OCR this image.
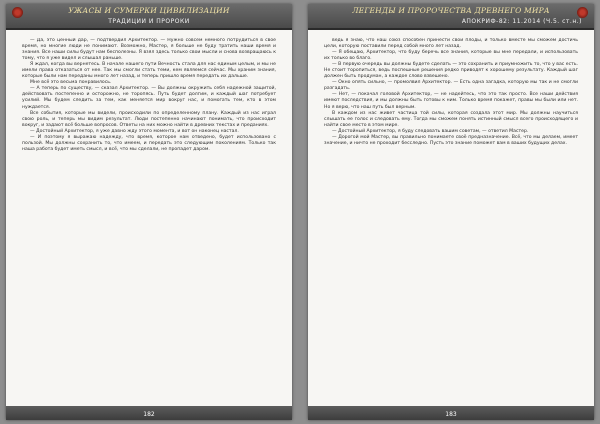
УЖАСЫ И СУМЕРКИ ЦИВИЛИЗАЦИИ
ТРАДИЦИИ И ПРОРОКИ

— Да, это ценный дар, — подтвердил Архитектор. — Нужно совсем немного потрудиться в свое время, но многие люди не понимают. Возможно, Мастер, я больше не буду тратить наши время и знания. Все наши силы будут нам бесполезны. Я взял здесь только свои мысли и снова возвращаюсь к тому, что я уже видел и слышал раньше.

Я ждал, когда вы вернетесь. В начале нашего пути Вечность стала для нас единым целым, и мы не имели права отказаться от нее. Так мы смогли стать теми, кем являемся сейчас. Мы храним знания, которые были нам переданы много лет назад, и теперь пришло время передать их дальше.

Мне всё это весьма понравилось.

— А теперь по существу, — сказал Архитектор. — Вы должны окружить себя надежной защитой, действовать постепенно и осторожно, не торопясь. Путь будет долгим, и каждый шаг потребует усилий. Мы будем следить за тем, как меняется мир вокруг нас, и помогать тем, кто в этом нуждается.

Все события, которые мы видели, происходили по определенному плану. Каждый из нас играл свою роль, и теперь мы видим результат. Люди постепенно начинают понимать, что происходит вокруг, и задают всё больше вопросов. Ответы на них можно найти в древних текстах и преданиях.

— Достойный Архитектор, я уже давно жду этого момента, и вот он наконец настал.

— И поэтому я выражаю надежду, что время, которое нам отведено, будет использовано с пользой. Мы должны сохранить то, что имеем, и передать это следующим поколениям. Только так наша работа будет иметь смысл, и всё, что мы сделали, не пропадет даром.

182
ЛЕГЕНДЫ И ПРОРОЧЕСТВА ДРЕВНЕГО МИРА
АПОКРИФ-82: 11.2014 (Ч.5. ст.н.)

ведь я знаю, что наш союз способен принести свои плоды, и только вместе мы сможем достичь цели, которую поставили перед собой много лет назад.

— Я обещаю, Архитектор, что буду беречь все знания, которые вы мне передали, и использовать их только во благо.

— В первую очередь вы должны будете сделать — это сохранить и приумножить то, что у вас есть. Не стоит торопиться, ведь поспешные решения редко приводят к хорошему результату. Каждый шаг должен быть продуман, а каждое слово взвешено.

— Окно опять сильно, — промолвил Архитектор. — Есть одна загадка, которую мы так и не смогли разгадать.

— Нет, — покачал головой Архитектор, — не надейтесь, что это так просто. Все наши действия имеют последствия, и мы должны быть готовы к ним. Только время покажет, правы мы были или нет. Но я верю, что наш путь был верным.

В каждом из нас живет частица той силы, которая создала этот мир. Мы должны научиться слышать ее голос и следовать ему. Тогда мы сможем понять истинный смысл всего происходящего и найти свое место в этом мире.

— Достойный Архитектор, я буду следовать вашим советам, — ответил Мастер.

— Дорогой мой Мастер, вы правильно понимаете своё предназначение. Всё, что мы делаем, имеет значение, и ничто не проходит бесследно. Пусть это знание поможет вам в ваших будущих делах.

183
